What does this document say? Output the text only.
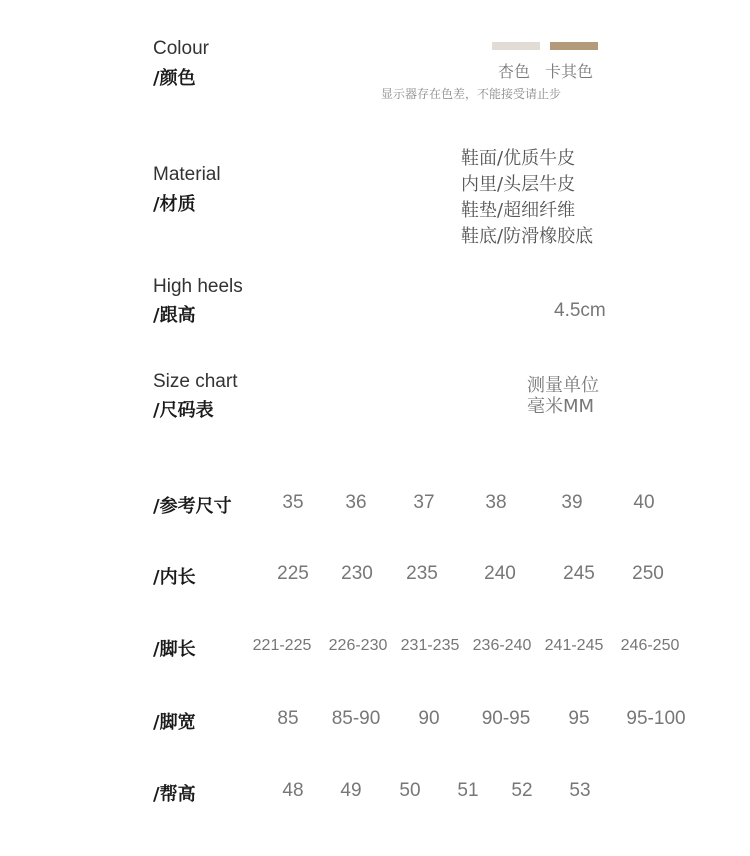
Colour
/颜色	杏色 卡其色
显示器存在色差，不能接受请止步
Material
/材质
鞋面/优质牛皮
内里/头层牛皮
鞋垫/超细纤维
鞋底/防滑橡胶底
High heels
/跟高	4.5cm
Size chart
/尺码表
测量单位
毫米MM
/参考尺寸	35 36 37	38	39	40
/内长	225 230 235 240 245 250
/脚长	221-225 226-230 231-235 236-240 241-245 246-250
/脚宽	85 85-90 90 90-95 95 95-100
/帮高	48 49 50 51 52 53
